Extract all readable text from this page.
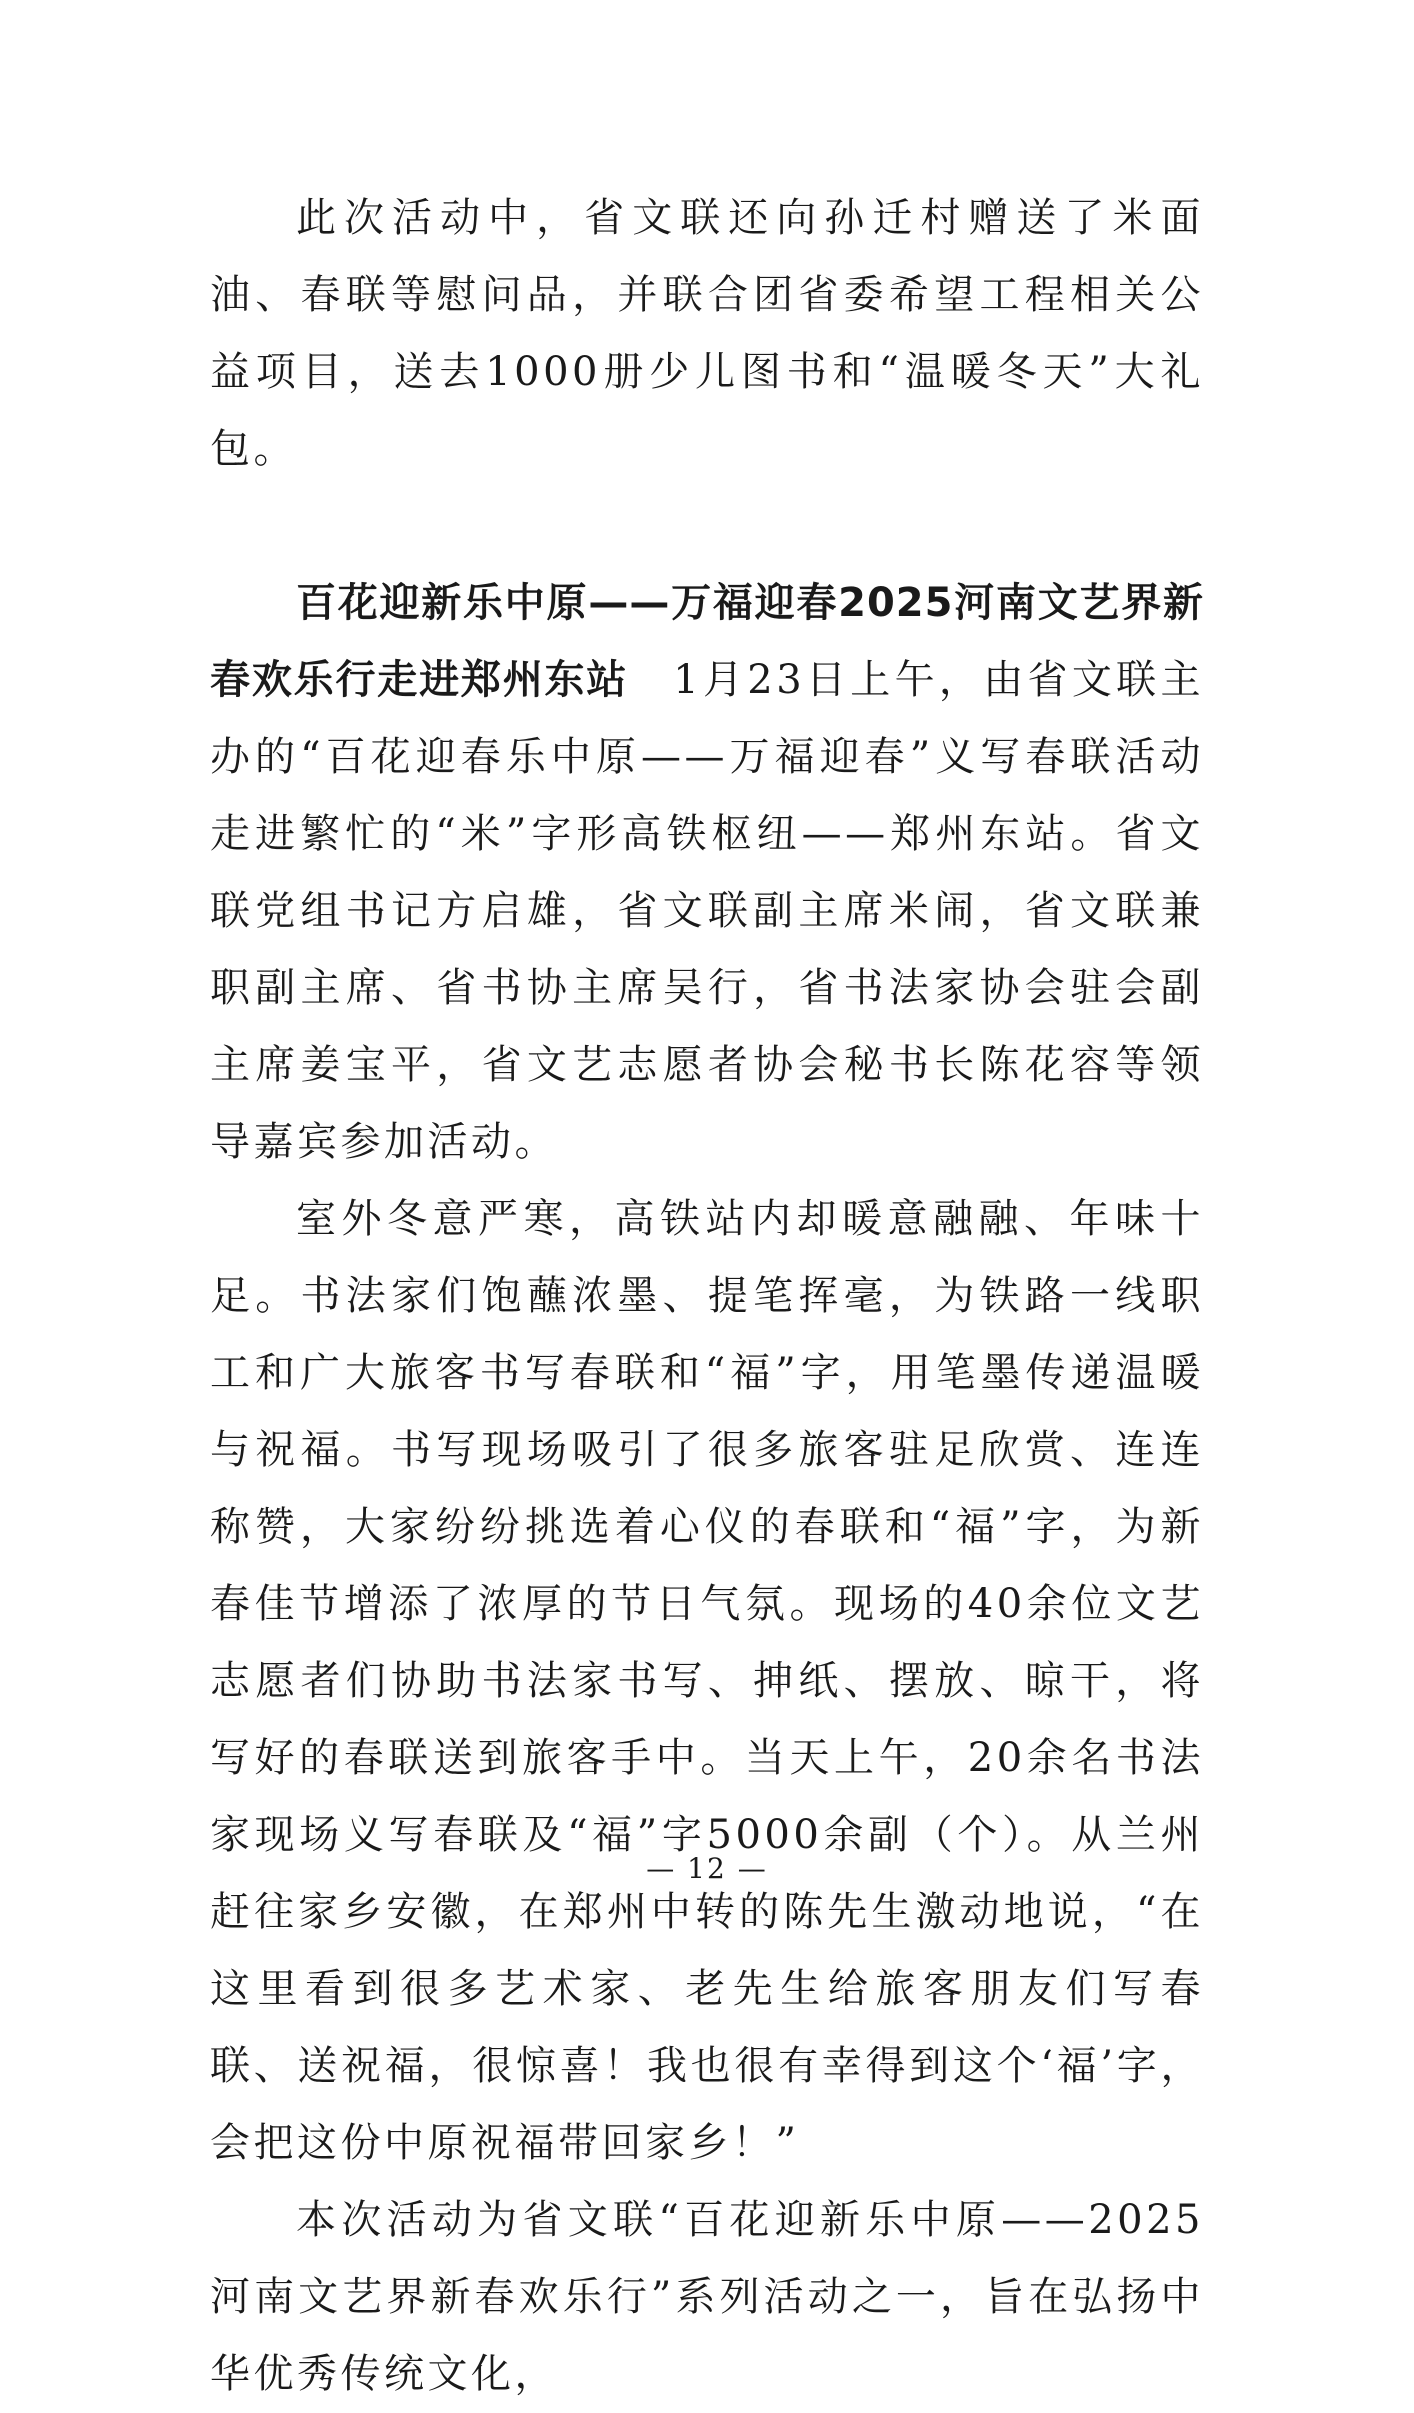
此次活动中，省文联还向孙迁村赠送了米面油、春联等慰问品，并联合团省委希望工程相关公益项目，送去1000册少儿图书和“温暖冬天”大礼包。

百花迎新乐中原——万福迎春2025河南文艺界新春欢乐行走进郑州东站 1月23日上午，由省文联主办的“百花迎春乐中原——万福迎春”义写春联活动走进繁忙的“米”字形高铁枢纽——郑州东站。省文联党组书记方启雄，省文联副主席米闹，省文联兼职副主席、省书协主席吴行，省书法家协会驻会副主席姜宝平，省文艺志愿者协会秘书长陈花容等领导嘉宾参加活动。

室外冬意严寒，高铁站内却暖意融融、年味十足。书法家们饱蘸浓墨、提笔挥毫，为铁路一线职工和广大旅客书写春联和“福”字，用笔墨传递温暖与祝福。书写现场吸引了很多旅客驻足欣赏、连连称赞，大家纷纷挑选着心仪的春联和“福”字，为新春佳节增添了浓厚的节日气氛。现场的40余位文艺志愿者们协助书法家书写、抻纸、摆放、晾干，将写好的春联送到旅客手中。当天上午，20余名书法家现场义写春联及“福”字5000余副（个）。从兰州赶往家乡安徽，在郑州中转的陈先生激动地说，“在这里看到很多艺术家、老先生给旅客朋友们写春联、送祝福，很惊喜！我也很有幸得到这个‘福’字，会把这份中原祝福带回家乡！”

本次活动为省文联“百花迎新乐中原——2025河南文艺界新春欢乐行”系列活动之一，旨在弘扬中华优秀传统文化，

— 12 —
